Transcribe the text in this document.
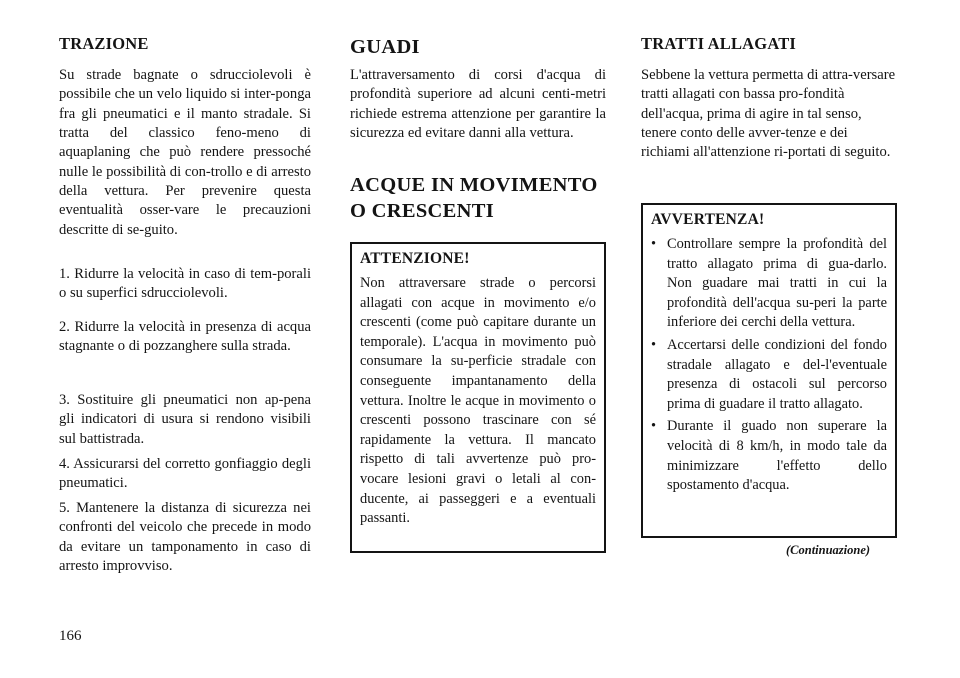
TRAZIONE

Su strade bagnate o sdrucciolevoli è possibile che un velo liquido si inter-ponga fra gli pneumatici e il manto stradale. Si tratta del classico feno-meno di aquaplaning che può rendere pressoché nulle le possibilità di con-trollo e di arresto della vettura. Per prevenire questa eventualità osser-vare le precauzioni descritte di se-guito.

1. Ridurre la velocità in caso di tem-porali o su superfici sdrucciolevoli.

2. Ridurre la velocità in presenza di acqua stagnante o di pozzanghere sulla strada.

3. Sostituire gli pneumatici non ap-pena gli indicatori di usura si rendono visibili sul battistrada.

4. Assicurarsi del corretto gonfiaggio degli pneumatici.

5. Mantenere la distanza di sicurezza nei confronti del veicolo che precede in modo da evitare un tamponamento in caso di arresto improvviso.

GUADI

L'attraversamento di corsi d'acqua di profondità superiore ad alcuni centi-metri richiede estrema attenzione per garantire la sicurezza ed evitare danni alla vettura.

ACQUE IN MOVIMENTO O CRESCENTI

ATTENZIONE!

Non attraversare strade o percorsi allagati con acque in movimento e/o crescenti (come può capitare durante un temporale). L'acqua in movimento può consumare la su-perficie stradale con conseguente impantanamento della vettura. Inoltre le acque in movimento o crescenti possono trascinare con sé rapidamente la vettura. Il mancato rispetto di tali avvertenze può pro-vocare lesioni gravi o letali al con-ducente, ai passeggeri e a eventuali passanti.

TRATTI ALLAGATI

Sebbene la vettura permetta di attra-versare tratti allagati con bassa pro-fondità dell'acqua, prima di agire in tal senso, tenere conto delle avver-tenze e dei richiami all'attenzione ri-portati di seguito.

AVVERTENZA!

• Controllare sempre la profondità del tratto allagato prima di gua-darlo. Non guadare mai tratti in cui la profondità dell'acqua su-peri la parte inferiore dei cerchi della vettura.
• Accertarsi delle condizioni del fondo stradale allagato e del-l'eventuale presenza di ostacoli sul percorso prima di guadare il tratto allagato.
• Durante il guado non superare la velocità di 8 km/h, in modo tale da minimizzare l'effetto dello spostamento d'acqua.
(Continuazione)
166
